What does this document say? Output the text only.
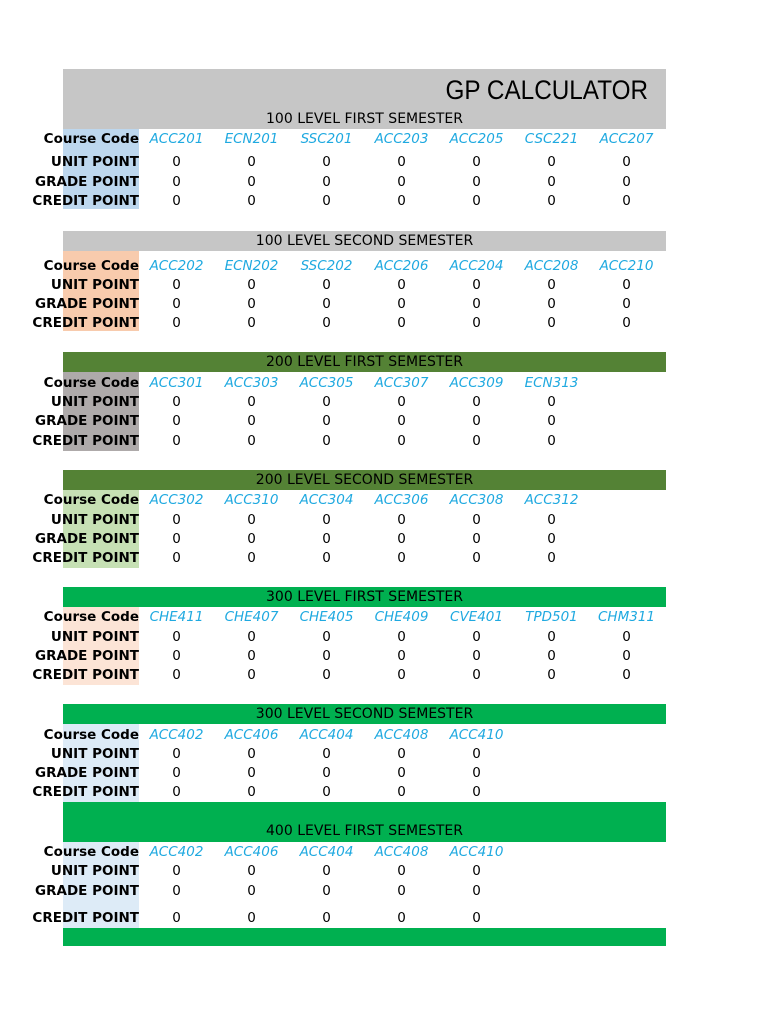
GP CALCULATOR
100 LEVEL FIRST SEMESTER
Course Code ACC201	ECN201	SSC201	ACC203	ACC205	CSC221	ACC207
UNIT POINT	0	0	0	0	0	0	0
GRADE POINT	0	0	0	0	0	0	0
CREDIT POINT	0	0	0	0	0	0	0
100 LEVEL SECOND SEMESTER
Course Code ACC202	ECN202	SSC202	ACC206	ACC204	ACC208	ACC210
UNIT POINT	0	0	0	0	0	0	0
GRADE POINT	0	0	0	0	0	0	0
CREDIT POINT	0	0	0	0	0	0	0
200 LEVEL FIRST SEMESTER
Course Code ACC301	ACC303	ACC305	ACC307	ACC309	ECN313
UNIT POINT	0	0	0	0	0	0
GRADE POINT	0	0	0	0	0	0
CREDIT POINT	0	0	0	0	0	0
200 LEVEL SECOND SEMESTER
Course Code ACC302	ACC310	ACC304	ACC306	ACC308	ACC312
UNIT POINT	0	0	0	0	0	0
GRADE POINT	0	0	0	0	0	0
CREDIT POINT	0	0	0	0	0	0
300 LEVEL FIRST SEMESTER
Course Code CHE411	CHE407	CHE405	CHE409	CVE401	TPD501	CHM311
UNIT POINT	0	0	0	0	0	0	0
GRADE POINT	0	0	0	0	0	0	0
CREDIT POINT	0	0	0	0	0	0	0
300 LEVEL SECOND SEMESTER
Course Code ACC402	ACC406	ACC404	ACC408	ACC410
UNIT POINT	0	0	0	0	0
GRADE POINT	0	0	0	0	0
CREDIT POINT	0	0	0	0	0
400 LEVEL FIRST SEMESTER
Course Code ACC402	ACC406	ACC404	ACC408	ACC410
UNIT POINT	0	0	0	0	0
GRADE POINT	0	0	0	0	0
CREDIT POINT	0	0	0	0	0
